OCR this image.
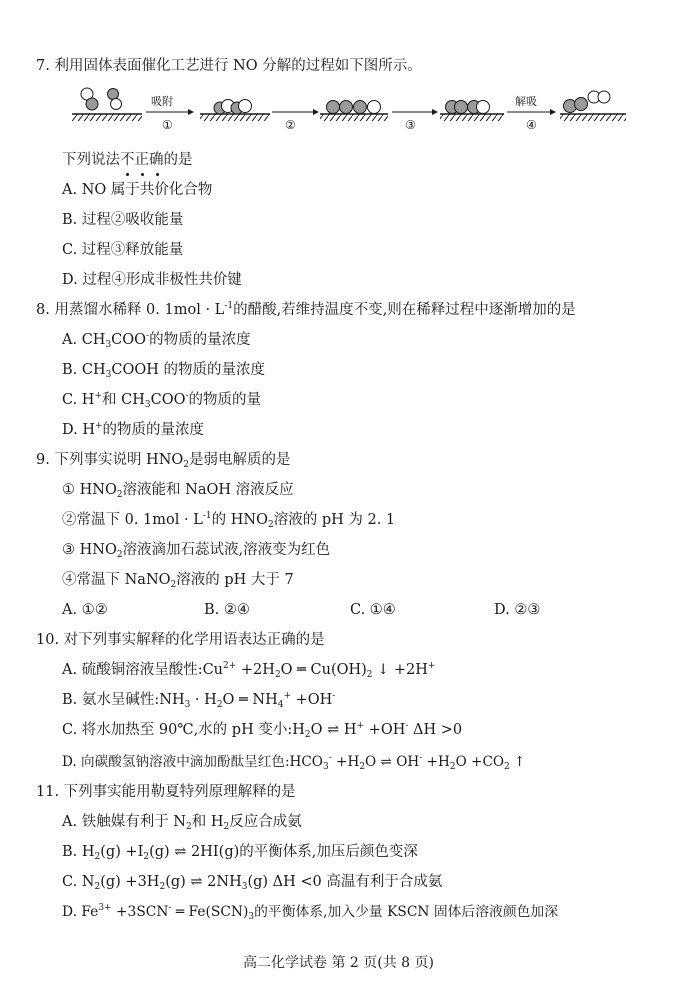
7. 利用固体表面催化工艺进行 NO 分解的过程如下图所示。
吸附
①	②	③
解吸
④
下列说法不正确
的是
A. NO 属于共价化合物
B. 过程②吸收能量
C. 过程③释放能量
D. 过程④形成非极性共价键
8. 用蒸馏水稀释 0. $1mol \cdot L^{-1}$的醋酸,若维持温度不变,则在稀释过程中逐渐增加的是
A. $CH_3COO^-$的物质的量浓度
B. $CH_3COOH$ 的物质的量浓度
C. H+和 $CH_3COO^-$的物质的量
D. H+的物质的量浓度
9. 下列事实说明 $HNO_2$是弱电解质的是
① $HNO_2$溶液能和 NaOH 溶液反应
②常温下 0. $1mol \cdot L^{-1}$的 $HNO_2$溶液的 pH 为 2. 1
③ $HNO_2$溶液滴加石蕊试液,溶液变为红色
④常温下 NaNO$_2$溶液的 pH 大于 7
A. ①②	B. ②④	C. ①④	D. ②③
10. 对下列事实解释的化学用语表达正确的是
A. 硫酸铜溶液呈酸性$:Cu^{2+} +2H_2O$ ═ $Cu(OH)_2$ ↓ +2H+
B. 氨水呈碱性$:NH_3 \cdot H_2O$ ═ $NH_4^+ +OH^-$
C. 将水加热至 90℃,水的 pH 变小$:H_2O$ ⇌ H+ +OH- ΔH >0
D. 向碳酸氢钠溶液中滴加酚酞呈红色$:HCO_3^- +H_2O$ ⇌ $OH^- +H_2O +CO_2$ ↑
11. 下列事实能用勒夏特列原理解释的是
A. 铁触媒有利于 $N_2$和 $H_2$反应合成氨
B. $H_2(g) +I_2(g)$ ⇌ 2HI(g)的平衡体系,加压后颜色变深
C. $N_2(g) +3H_2(g)$ ⇌ $2NH_3(g)$ ΔH <0 高温有利于合成氨
D. $Fe^{3+} +3SCN^-$ ═ $Fe(SCN)_3$的平衡体系,加入少量 KSCN 固体后溶液颜色加深
高二化学试卷 第 2 页(共 8 页)
